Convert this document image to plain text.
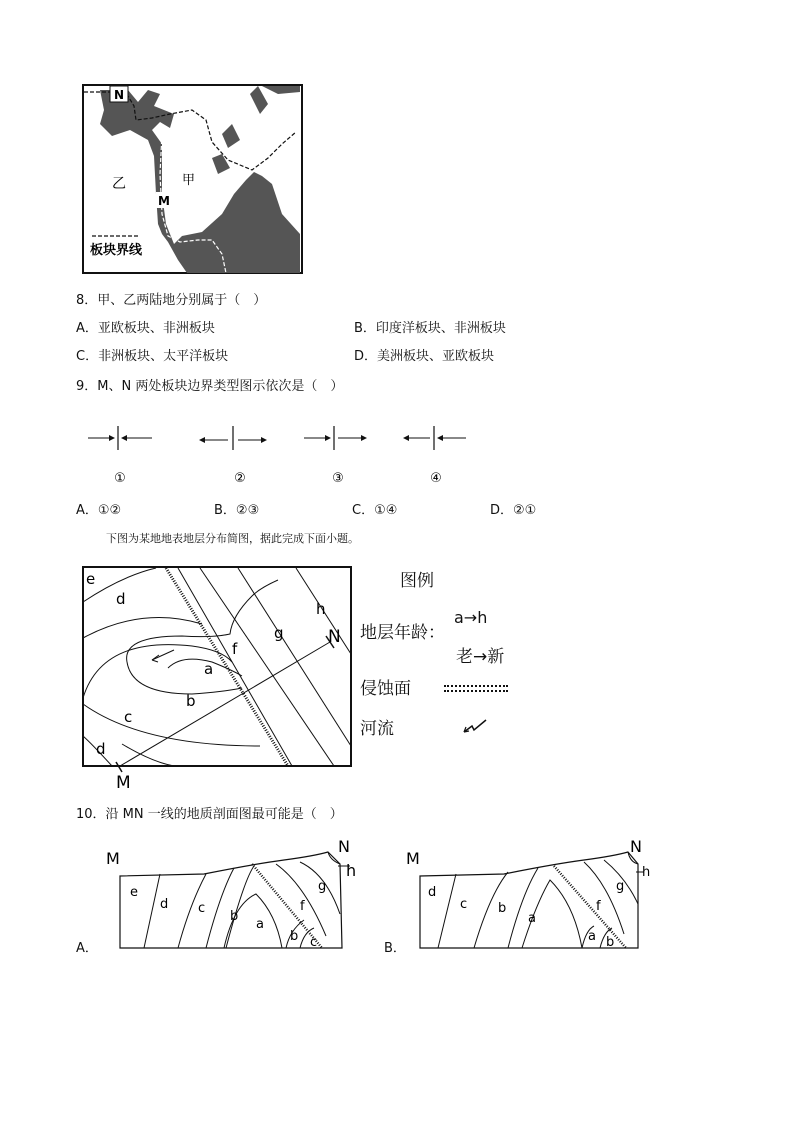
N
乙	甲
M
板块界线
8．甲、乙两陆地分别属于（　）
A．亚欧板块、非洲板块	B．印度洋板块、非洲板块
C．非洲板块、太平洋板块	D．美洲板块、亚欧板块
9．M、N 两处板块边界类型图示依次是（　）
①	②	③	④
A．①②	B．②③	C．①④	D．②①
下图为某地地表地层分布简图，据此完成下面小题。
e
d
h
g
f
a
b
c
d
N
M
图例
地层年龄：
a→h
老→新
侵蚀面
河流
10．沿 MN 一线的地质剖面图最可能是（　）
M
N
h
e
d c
b
a
b c
f
g
A．
M
N
h
d
c b
a
a b
f
g
B．
